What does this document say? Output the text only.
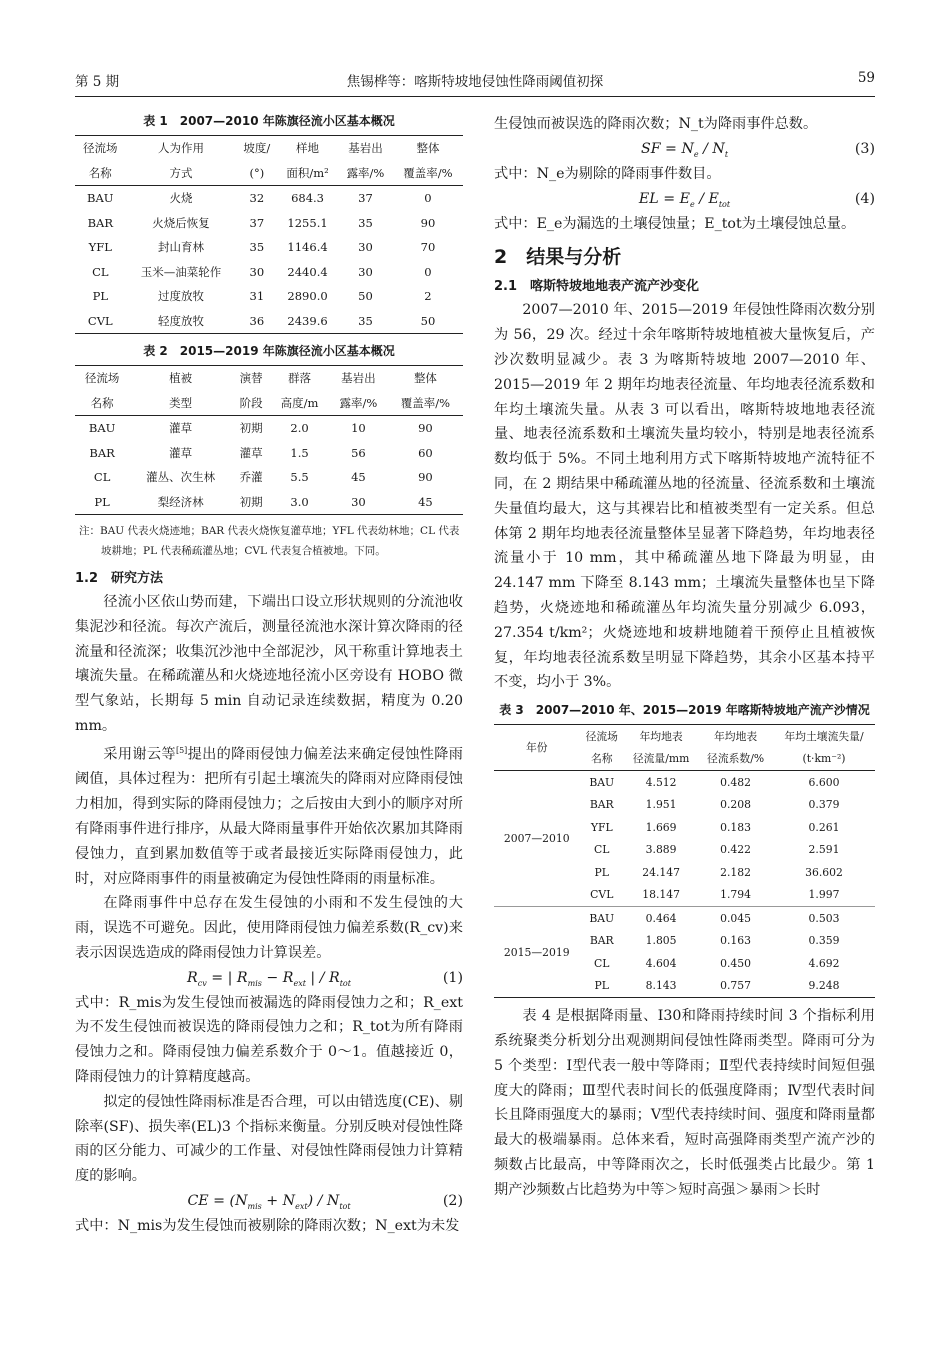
第 5 期	焦锡桦等：喀斯特坡地侵蚀性降雨阈值初探	59
表 1　2007—2010 年陈旗径流小区基本概况
径流场	人为作用	坡度/	样地	基岩出	整体
名称	方式	(°)	面积/m²	露率/%	覆盖率/%
BAU	火烧	32	684.3	37	0
BAR	火烧后恢复	37	1255.1	35	90
YFL	封山育林	35	1146.4	30	70
CL	玉米—油菜轮作	30	2440.4	30	0
PL	过度放牧	31	2890.0	50	2
CVL	轻度放牧	36	2439.6	35	50
表 2　2015—2019 年陈旗径流小区基本概况
径流场	植被	演替	群落	基岩出	整体
名称	类型	阶段	高度/m	露率/%	覆盖率/%
BAU	灌草	初期	2.0	10	90
BAR	灌草	灌草	1.5	56	60
CL	灌丛、次生林	乔灌	5.5	45	90
PL	梨经济林	初期	3.0	30	45
注：BAU 代表火烧迹地；BAR 代表火烧恢复灌草地；YFL 代表幼林地；CL 代表坡耕地；PL 代表稀疏灌丛地；CVL 代表复合植被地。下同。
1.2　研究方法

径流小区依山势而建，下端出口设立形状规则的分流池收集泥沙和径流。每次产流后，测量径流池水深计算次降雨的径流量和径流深；收集沉沙池中全部泥沙，风干称重计算地表土壤流失量。在稀疏灌丛和火烧迹地径流小区旁设有 HOBO 微型气象站，长期每 5 min 自动记录连续数据，精度为 0.20 mm。

采用谢云等[5]提出的降雨侵蚀力偏差法来确定侵蚀性降雨阈值，具体过程为：把所有引起土壤流失的降雨对应降雨侵蚀力相加，得到实际的降雨侵蚀力；之后按由大到小的顺序对所有降雨事件进行排序，从最大降雨量事件开始依次累加其降雨侵蚀力，直到累加数值等于或者最接近实际降雨侵蚀力，此时，对应降雨事件的雨量被确定为侵蚀性降雨的雨量标准。

在降雨事件中总存在发生侵蚀的小雨和不发生侵蚀的大雨，误选不可避免。因此，使用降雨侵蚀力偏差系数(R_cv)来表示因误选造成的降雨侵蚀力计算误差。

$R_{cv}$ = | $R_{mis} - R_{ext}$ | / $R_{tot}$	(1)

式中：R_mis为发生侵蚀而被漏选的降雨侵蚀力之和；R_ext为不发生侵蚀而被误选的降雨侵蚀力之和；R_tot为所有降雨侵蚀力之和。降雨侵蚀力偏差系数介于 0～1。值越接近 0，降雨侵蚀力的计算精度越高。

拟定的侵蚀性降雨标准是否合理，可以由错选度(CE)、剔除率(SF)、损失率(EL)3 个指标来衡量。分别反映对侵蚀性降雨的区分能力、可减少的工作量、对侵蚀性降雨侵蚀力计算精度的影响。

CE = $(N_{mis} + N_{ext}) / N_{tot}$	(2)

式中：N_mis为发生侵蚀而被剔除的降雨次数；N_ext为未发

生侵蚀而被误选的降雨次数；N_t为降雨事件总数。

SF = $N_e / N_t$	(3)

式中：N_e为剔除的降雨事件数目。

EL = $E_e / E_{tot}$	(4)

式中：E_e为漏选的土壤侵蚀量；E_tot为土壤侵蚀总量。

2　结果与分析
2.1　喀斯特坡地地表产流产沙变化

2007—2010 年、2015—2019 年侵蚀性降雨次数分别为 56，29 次。经过十余年喀斯特坡地植被大量恢复后，产沙次数明显减少。表 3 为喀斯特坡地 2007—2010 年、2015—2019 年 2 期年均地表径流量、年均地表径流系数和年均土壤流失量。从表 3 可以看出，喀斯特坡地地表径流量、地表径流系数和土壤流失量均较小，特别是地表径流系数均低于 5%。不同土地利用方式下喀斯特坡地产流特征不同，在 2 期结果中稀疏灌丛地的径流量、径流系数和土壤流失量值均最大，这与其裸岩比和植被类型有一定关系。但总体第 2 期年均地表径流量整体呈显著下降趋势，年均地表径流量小于 10 mm，其中稀疏灌丛地下降最为明显，由 24.147 mm 下降至 8.143 mm；土壤流失量整体也呈下降趋势，火烧迹地和稀疏灌丛年均流失量分别减少 6.093，27.354 t/km²；火烧迹地和坡耕地随着干预停止且植被恢复，年均地表径流系数呈明显下降趋势，其余小区基本持平不变，均小于 3%。

表 3　2007—2010 年、2015—2019 年喀斯特坡地产流产沙情况
年份	径流场	年均地表	年均地表	年均土壤流失量/
	名称	径流量/mm	径流系数/%	(t·km⁻²)
2007—2010	BAU	4.512	0.482	6.600
	BAR	1.951	0.208	0.379
	YFL	1.669	0.183	0.261
	CL	3.889	0.422	2.591
	PL	24.147	2.182	36.602
	CVL	18.147	1.794	1.997
2015—2019	BAU	0.464	0.045	0.503
	BAR	1.805	0.163	0.359
	CL	4.604	0.450	4.692
	PL	8.143	0.757	9.248

表 4 是根据降雨量、I30和降雨持续时间 3 个指标利用系统聚类分析划分出观测期间侵蚀性降雨类型。降雨可分为 5 个类型：Ⅰ型代表一般中等降雨；Ⅱ型代表持续时间短但强度大的降雨；Ⅲ型代表时间长的低强度降雨；Ⅳ型代表时间长且降雨强度大的暴雨；Ⅴ型代表持续时间、强度和降雨量都最大的极端暴雨。总体来看，短时高强降雨类型产流产沙的频数占比最高，中等降雨次之，长时低强类占比最少。第 1 期产沙频数占比趋势为中等＞短时高强＞暴雨＞长时
